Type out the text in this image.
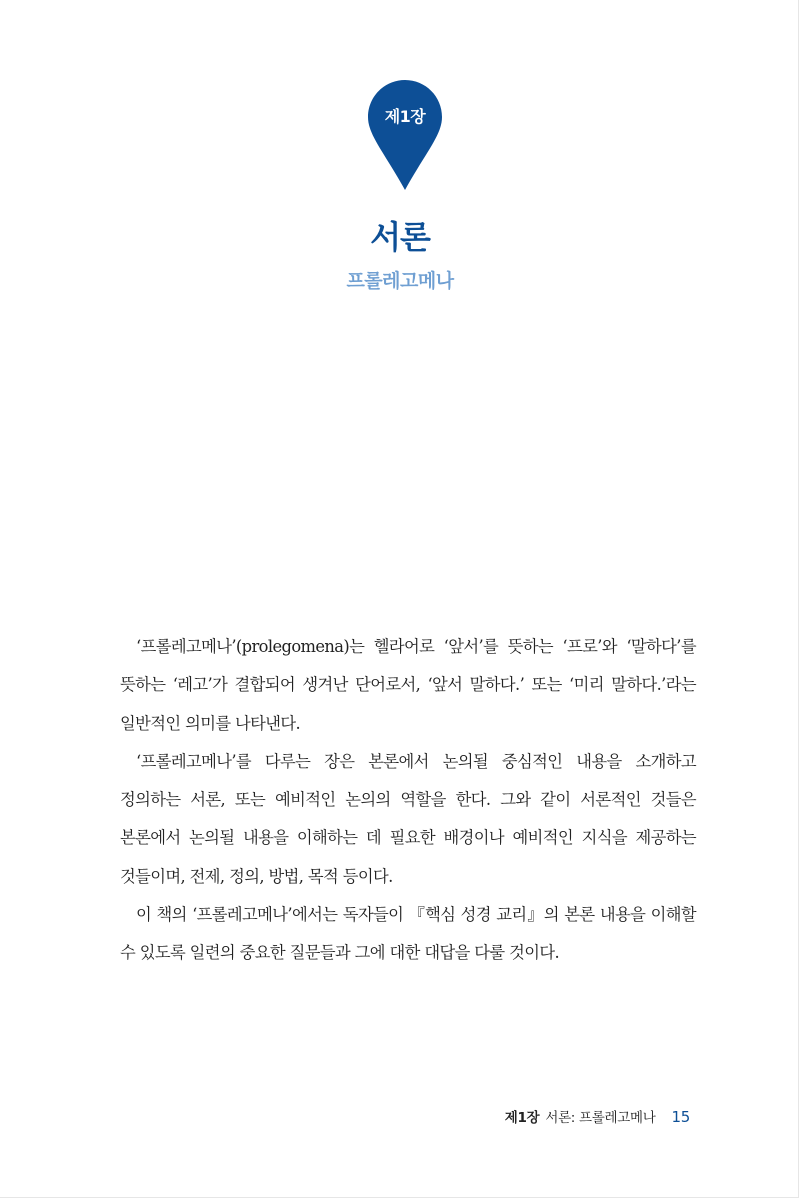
제1장
서론
프롤레고메나

‘프롤레고메나’(prolegomena)는 헬라어로 ‘앞서’를 뜻하는 ‘프로’와 ‘말하다’를 뜻하는 ‘레고’가 결합되어 생겨난 단어로서, ‘앞서 말하다.’ 또는 ‘미리 말하다.’라는 일반적인 의미를 나타낸다.

‘프롤레고메나’를 다루는 장은 본론에서 논의될 중심적인 내용을 소개하고 정의하는 서론, 또는 예비적인 논의의 역할을 한다. 그와 같이 서론적인 것들은 본론에서 논의될 내용을 이해하는 데 필요한 배경이나 예비적인 지식을 제공하는 것들이며, 전제, 정의, 방법, 목적 등이다.

이 책의 ‘프롤레고메나’에서는 독자들이 『핵심 성경 교리』의 본론 내용을 이해할 수 있도록 일련의 중요한 질문들과 그에 대한 대답을 다룰 것이다.

제1장 서론: 프롤레고메나 15
